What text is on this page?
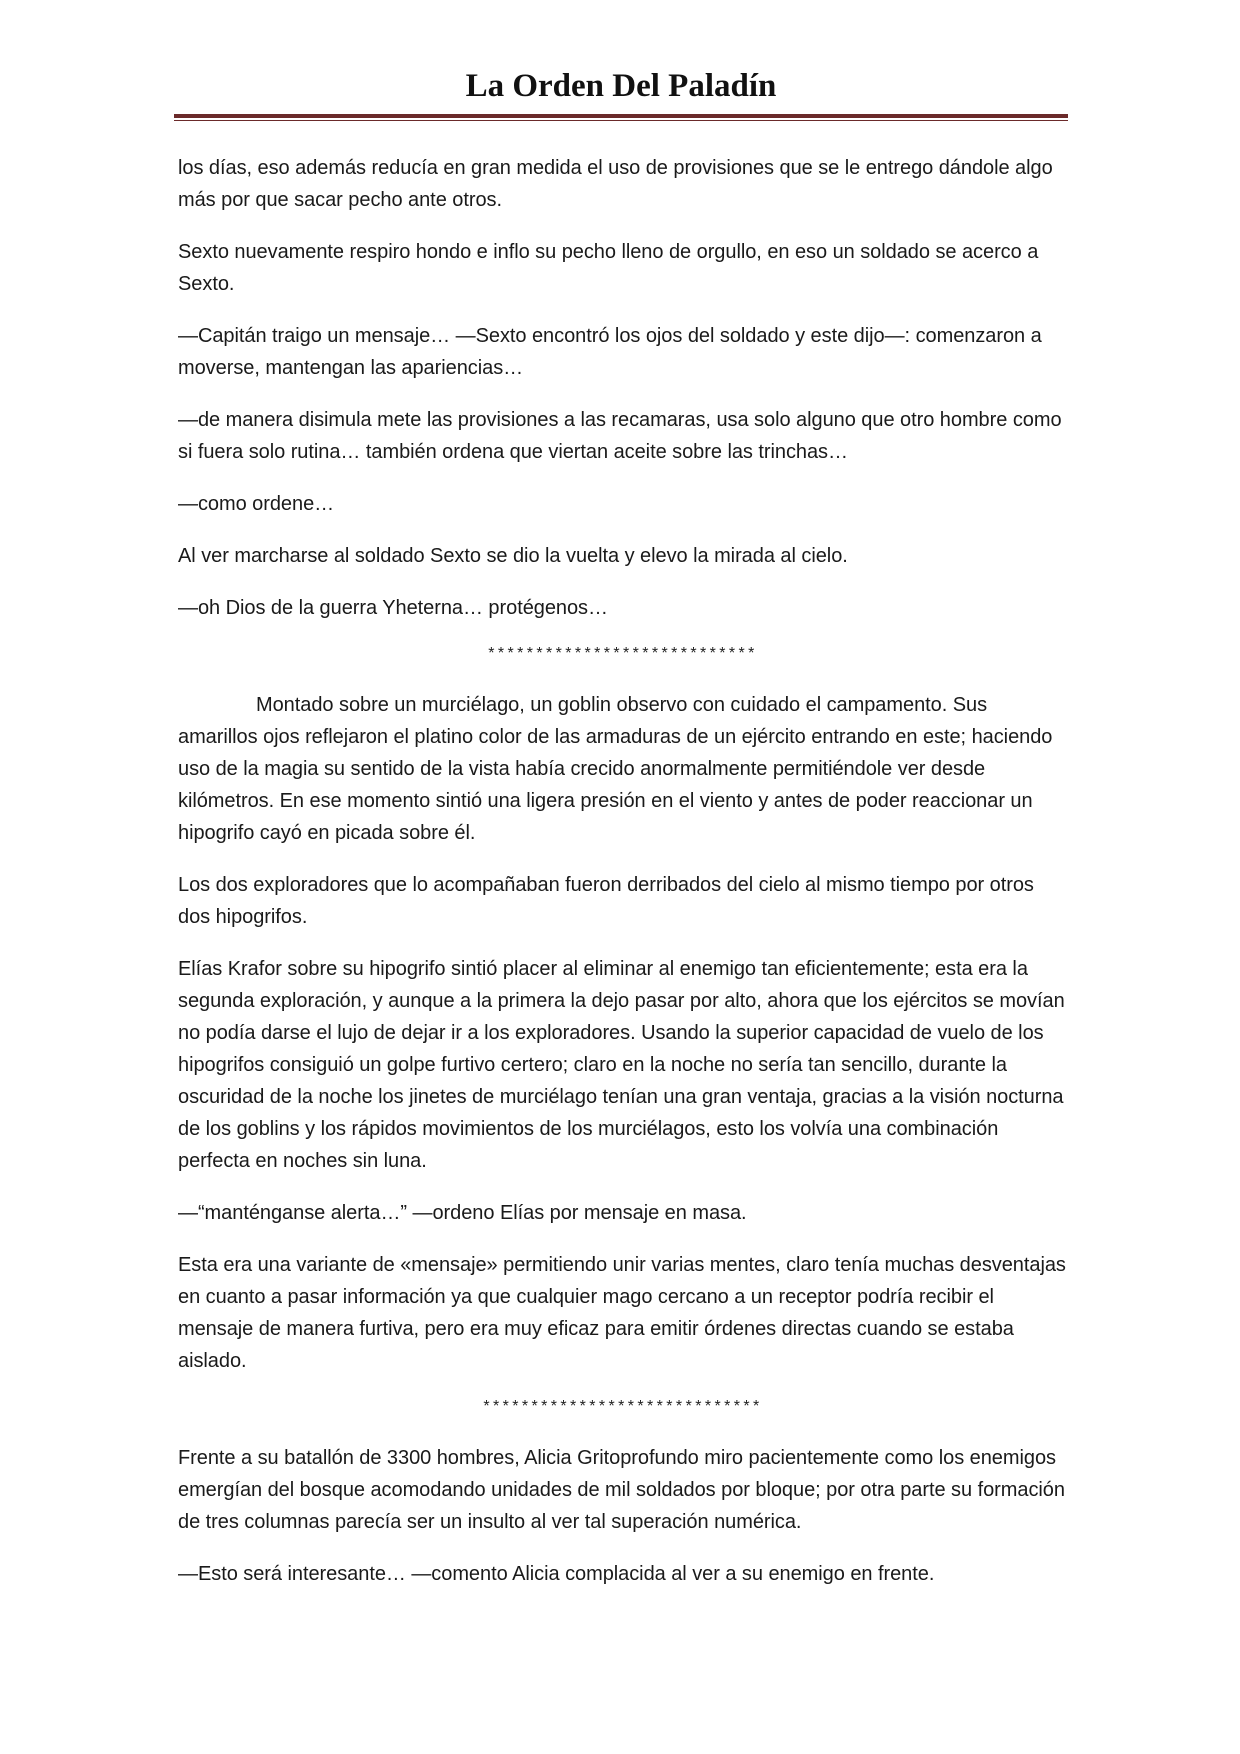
La Orden Del Paladín

los días, eso además reducía en gran medida el uso de provisiones que se le entrego dándole algo más por que sacar pecho ante otros.

Sexto nuevamente respiro hondo e inflo su pecho lleno de orgullo, en eso un soldado se acerco a Sexto.

—Capitán traigo un mensaje… —Sexto encontró los ojos del soldado y este dijo—: comenzaron a moverse, mantengan las apariencias…

—de manera disimula mete las provisiones a las recamaras, usa solo alguno que otro hombre como si fuera solo rutina… también ordena que viertan aceite sobre las trinchas…

—como ordene…

Al ver marcharse al soldado Sexto se dio la vuelta y elevo la mirada al cielo.

—oh Dios de la guerra Yheterna… protégenos…

****************************

Montado sobre un murciélago, un goblin observo con cuidado el campamento. Sus amarillos ojos reflejaron el platino color de las armaduras de un ejército entrando en este; haciendo uso de la magia su sentido de la vista había crecido anormalmente permitiéndole ver desde kilómetros. En ese momento sintió una ligera presión en el viento y antes de poder reaccionar un hipogrifo cayó en picada sobre él.

Los dos exploradores que lo acompañaban fueron derribados del cielo al mismo tiempo por otros dos hipogrifos.

Elías Krafor sobre su hipogrifo sintió placer al eliminar al enemigo tan eficientemente; esta era la segunda exploración, y aunque a la primera la dejo pasar por alto, ahora que los ejércitos se movían no podía darse el lujo de dejar ir a los exploradores. Usando la superior capacidad de vuelo de los hipogrifos consiguió un golpe furtivo certero; claro en la noche no sería tan sencillo, durante la oscuridad de la noche los jinetes de murciélago tenían una gran ventaja, gracias a la visión nocturna de los goblins y los rápidos movimientos de los murciélagos, esto los volvía una combinación perfecta en noches sin luna.

—“manténganse alerta…” —ordeno Elías por mensaje en masa.

Esta era una variante de «mensaje» permitiendo unir varias mentes, claro tenía muchas desventajas en cuanto a pasar información ya que cualquier mago cercano a un receptor podría recibir el mensaje de manera furtiva, pero era muy eficaz para emitir órdenes directas cuando se estaba aislado.

*****************************

Frente a su batallón de 3300 hombres, Alicia Gritoprofundo miro pacientemente como los enemigos emergían del bosque acomodando unidades de mil soldados por bloque; por otra parte su formación de tres columnas parecía ser un insulto al ver tal superación numérica.

—Esto será interesante… —comento Alicia complacida al ver a su enemigo en frente.
